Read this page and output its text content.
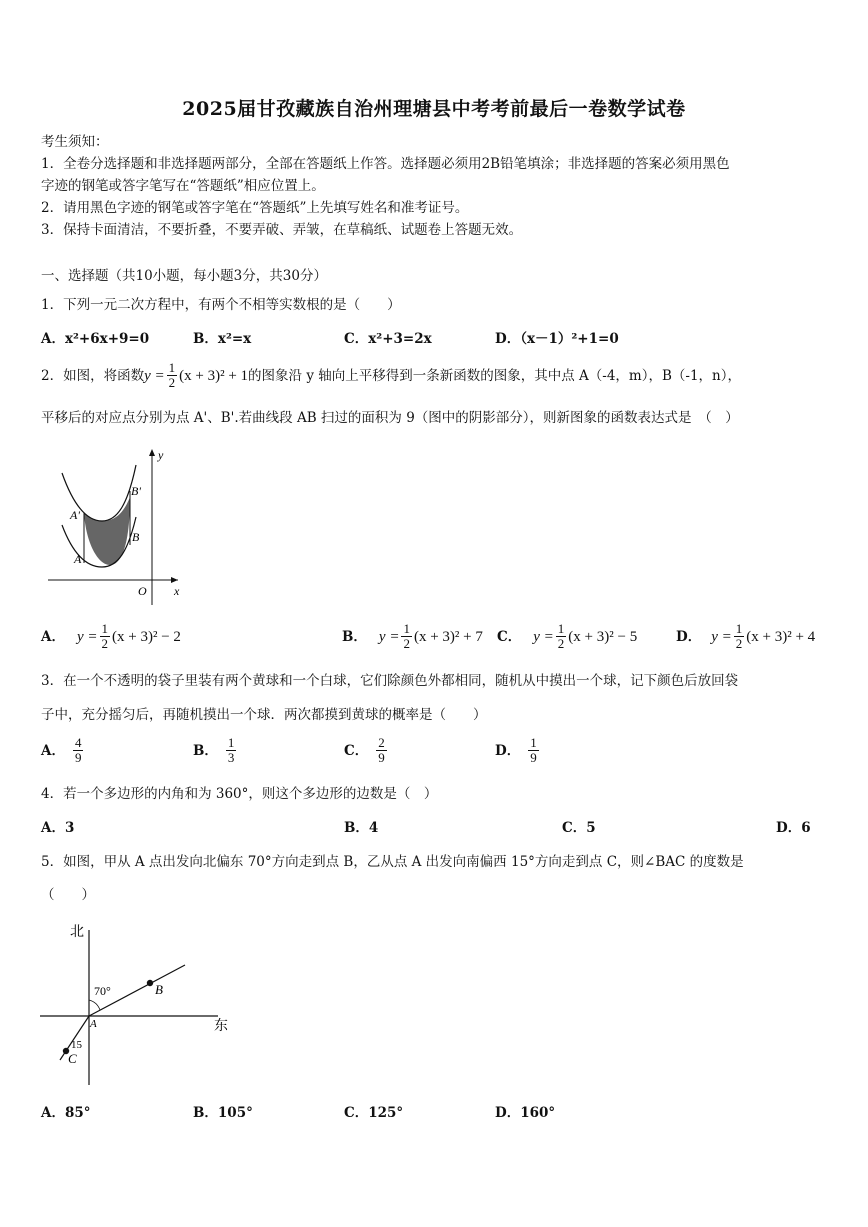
2025届甘孜藏族自治州理塘县中考考前最后一卷数学试卷
考生须知：
1．全卷分选择题和非选择题两部分，全部在答题纸上作答。选择题必须用2B铅笔填涂；非选择题的答案必须用黑色
字迹的钢笔或答字笔写在“答题纸”相应位置上。
2．请用黑色字迹的钢笔或答字笔在“答题纸”上先填写姓名和准考证号。
3．保持卡面清洁，不要折叠，不要弄破、弄皱，在草稿纸、试题卷上答题无效。
一、选择题（共10小题，每小题3分，共30分）
1．下列一元二次方程中，有两个不相等实数根的是（　　）
A．x²+6x+9=0	B．x²=x	C．x²+3=2x	D．（x－1）²+1=0
2．如图，将函数 $y = \frac{1}{2} (x + 3)^2 + 1$ 的图象沿 y 轴向上平移得到一条新函数的图象，其中点 A（-4，m），B（-1，n），
平移后的对应点分别为点 A'、B'.若曲线段 AB 扫过的面积为 9（图中的阴影部分），则新图象的函数表达式是　（　）
y
B'
A'
B
A
O x
A． $y = \frac{1}{2} (x + 3)^2 - 2$	B． $y = \frac{1}{2} (x + 3)^2 + 7$ C． $y = \frac{1}{2} (x + 3)^2 - 5$	D． $y = \frac{1}{2} (x + 3)^2 + 4$
3．在一个不透明的袋子里装有两个黄球和一个白球，它们除颜色外都相同，随机从中摸出一个球，记下颜色后放回袋
子中，充分摇匀后，再随机摸出一个球．两次都摸到黄球的概率是（　　）
A． $\frac{4}{9}$	B． $\frac{1}{3}$	C． $\frac{2}{9}$	D． $\frac{1}{9}$
4．若一个多边形的内角和为 360°，则这个多边形的边数是（　）
A．3	B．4	C．5	D．6
5．如图，甲从 A 点出发向北偏东 70°方向走到点 B，乙从点 A 出发向南偏西 15°方向走到点 C，则∠BAC 的度数是
（　　）
北
东
70°	B
A
15
C
A．85°	B．105°	C．125°	D．160°
